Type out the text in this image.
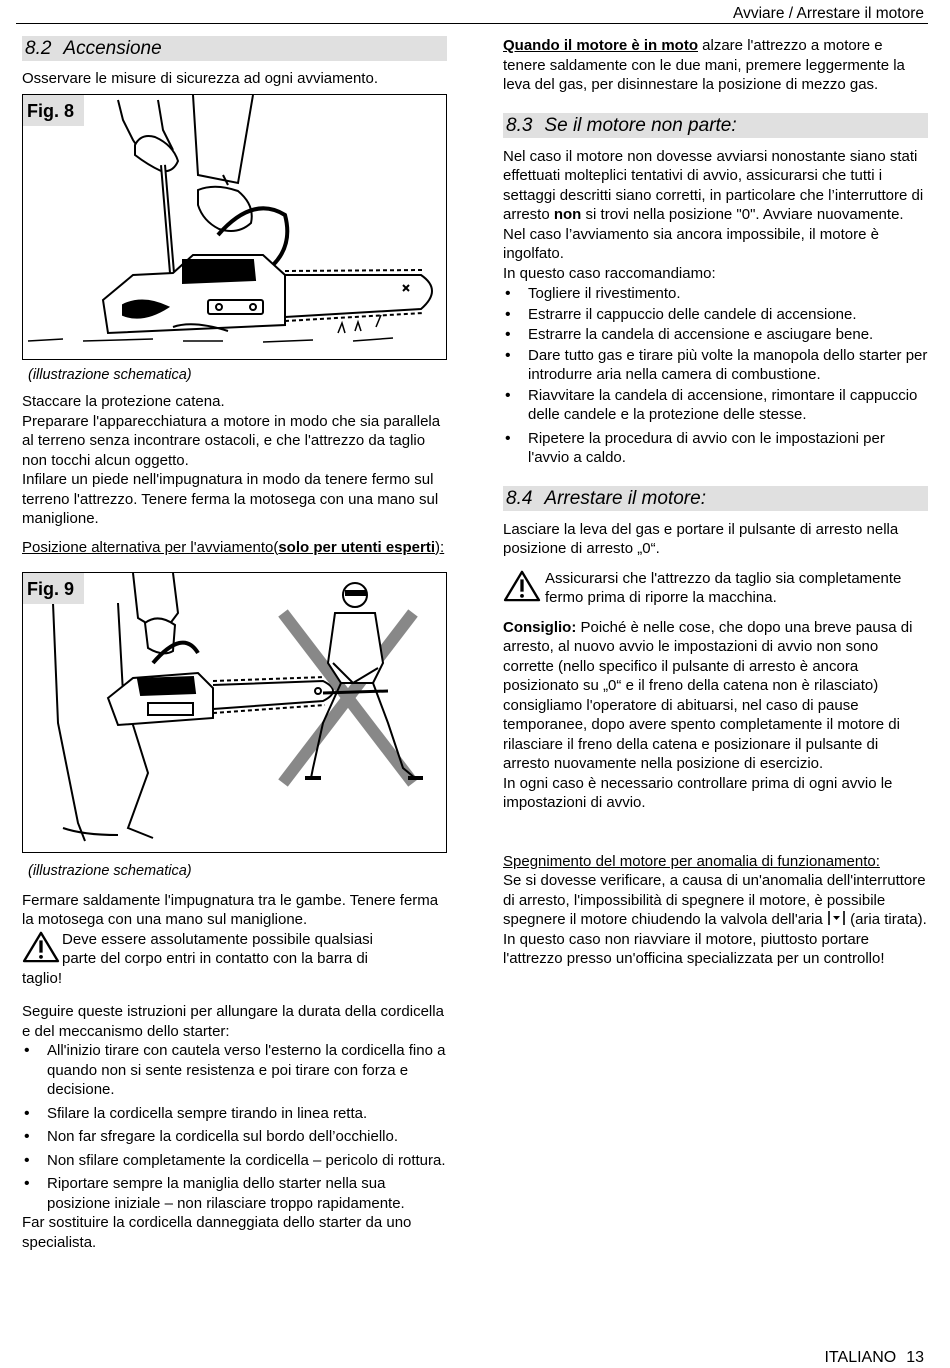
Avviare / Arrestare il motore
8.2 Accensione

Osservare le misure di sicurezza ad ogni avviamento.

Fig. 8

(illustrazione schematica)

Staccare la protezione catena.
Preparare l'apparecchiatura a motore in modo che sia parallela al terreno senza incontrare ostacoli, e che l'attrezzo da taglio non tocchi alcun oggetto.
Infilare un piede nell'impugnatura in modo da tenere fermo sul terreno l'attrezzo. Tenere ferma la motosega con una mano sul maniglione.

Posizione alternativa per l'avviamento(solo per utenti esperti):

Fig. 9

(illustrazione schematica)

Fermare saldamente l'impugnatura tra le gambe. Tenere ferma la motosega con una mano sul maniglione.

Deve essere assolutamente possibile qualsiasi

parte del corpo entri in contatto con la barra di

taglio!

Seguire queste istruzioni per allungare la durata della cordicella e del meccanismo dello starter:

• All'inizio tirare con cautela verso l'esterno la cordicella fino a quando non si sente resistenza e poi tirare con forza e decisione.
• Sfilare la cordicella sempre tirando in linea retta.
• Non far sfregare la cordicella sul bordo dell’occhiello.
• Non sfilare completamente la cordicella – pericolo di rottura.
• Riportare sempre la maniglia dello starter nella sua posizione iniziale – non rilasciare troppo rapidamente.

Far sostituire la cordicella danneggiata dello starter da uno specialista.

Quando il motore è in moto alzare l'attrezzo a motore e tenere saldamente con le due mani, premere leggermente la leva del gas, per disinnestare la posizione di mezzo gas.

8.3 Se il motore non parte:

Nel caso il motore non dovesse avviarsi nonostante siano stati effettuati molteplici tentativi di avvio, assicurarsi che tutti i settaggi descritti siano corretti, in particolare che l’interruttore di arresto non si trovi nella posizione "0". Avviare nuovamente. Nel caso l’avviamento sia ancora impossibile, il motore è ingolfato.
In questo caso raccomandiamo:

• Togliere il rivestimento.
• Estrarre il cappuccio delle candele di accensione.
• Estrarre la candela di accensione e asciugare bene.
• Dare tutto gas e tirare più volte la manopola dello starter per introdurre aria nella camera di combustione.
• Riavvitare la candela di accensione, rimontare il cappuccio delle candele e la protezione delle stesse.
• Ripetere la procedura di avvio con le impostazioni per l'avvio a caldo.
8.4 Arrestare il motore:

Lasciare la leva del gas e portare il pulsante di arresto nella posizione di arresto „0“.

Assicurarsi che l'attrezzo da taglio sia completamente fermo prima di riporre la macchina.

Consiglio: Poiché è nelle cose, che dopo una breve pausa di arresto, al nuovo avvio le impostazioni di avvio non sono corrette (nello specifico il pulsante di arresto è ancora posizionato su „0“ e il freno della catena non è rilasciato) consigliamo l'operatore di abituarsi, nel caso di pause temporanee, dopo avere spento completamente il motore di rilasciare il freno della catena e posizionare il pulsante di arresto nuovamente nella posizione di esercizio.
In ogni caso è necessario controllare prima di ogni avvio le impostazioni di avvio.

Spegnimento del motore per anomalia di funzionamento:

Se si dovesse verificare, a causa di un'anomalia dell'interruttore di arresto, l'impossibilità di spegnere il motore, è possibile spegnere il motore chiudendo la valvola dell'aria  (aria tirata). In questo caso non riavviare il motore, piuttosto portare l'attrezzo presso un'officina specializzata per un controllo!

ITALIANO 13
